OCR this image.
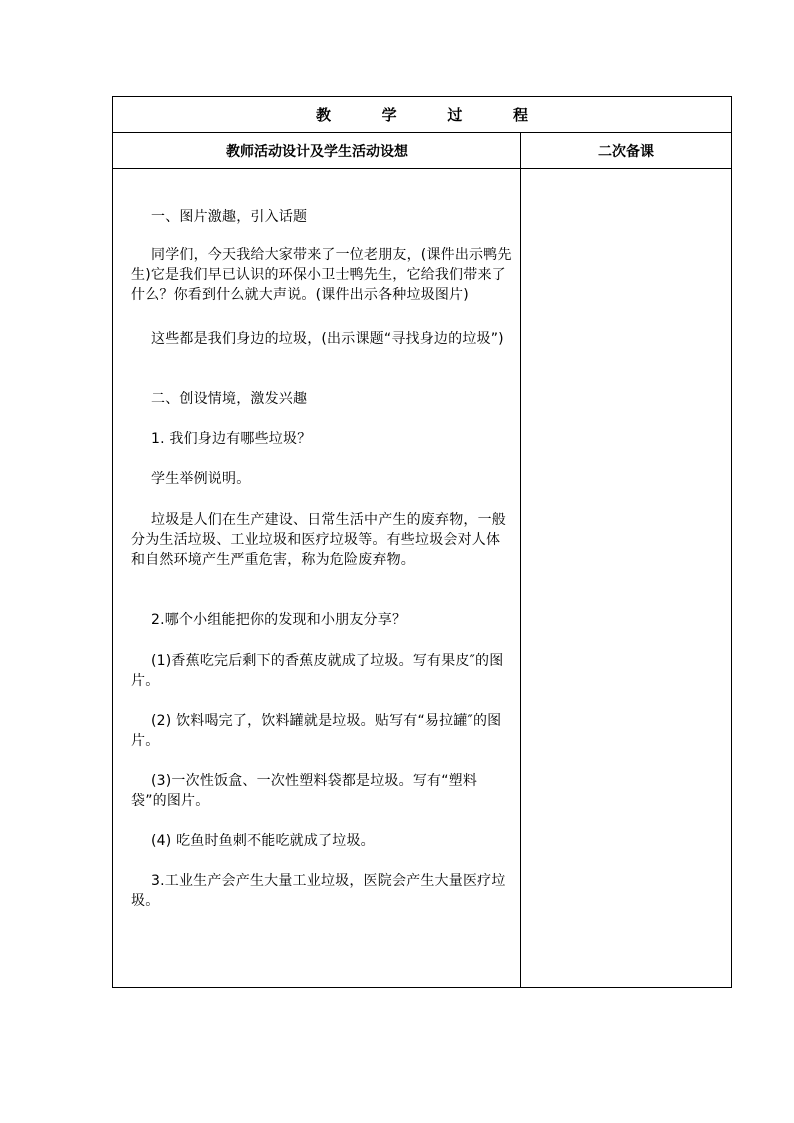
教	学	过	程
教师活动设计及学生活动设想	二次备课
一、图片激趣，引入话题
同学们，今天我给大家带来了一位老朋友，(课件出示鸭先生)它是我们早已认识的环保小卫士鸭先生，它给我们带来了什么？你看到什么就大声说。(课件出示各种垃圾图片)
这些都是我们身边的垃圾，(出示课题“寻找身边的垃圾”)
二、创设情境，激发兴趣
1. 我们身边有哪些垃圾？
学生举例说明。
垃圾是人们在生产建设、日常生活中产生的废弃物，一般分为生活垃圾、工业垃圾和医疗垃圾等。有些垃圾会对人体和自然环境产生严重危害，称为危险废弃物。
2.哪个小组能把你的发现和小朋友分享？
(1)香蕉吃完后剩下的香蕉皮就成了垃圾。写有果皮″的图片。
(2) 饮料喝完了，饮料罐就是垃圾。贴写有“易拉罐″的图片。
(3)一次性饭盒、一次性塑料袋都是垃圾。写有“塑料袋”的图片。
(4) 吃鱼时鱼刺不能吃就成了垃圾。
3.工业生产会产生大量工业垃圾，医院会产生大量医疗垃圾。
